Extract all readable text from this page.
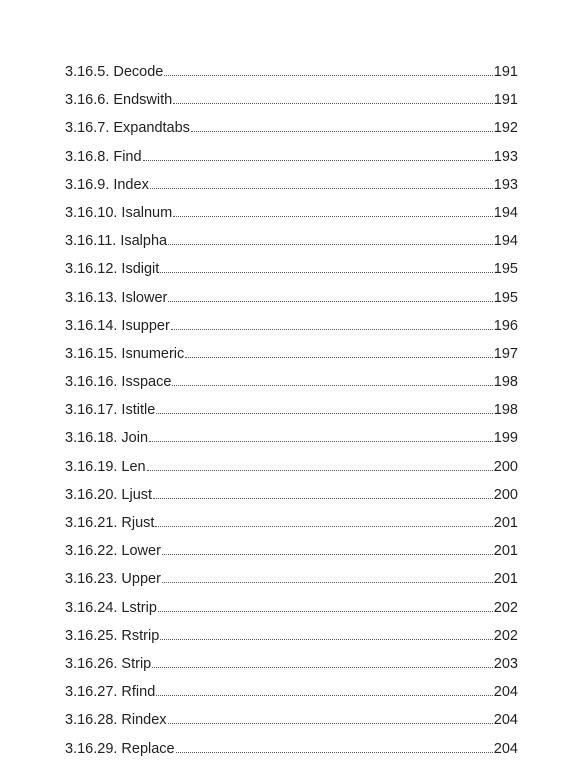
3.16.5. Decode	191
3.16.6. Endswith	191
3.16.7. Expandtabs	192
3.16.8. Find	193
3.16.9. Index	193
3.16.10. Isalnum	194
3.16.11. Isalpha	194
3.16.12. Isdigit	195
3.16.13. Islower	195
3.16.14. Isupper	196
3.16.15. Isnumeric	197
3.16.16. Isspace	198
3.16.17. Istitle	198
3.16.18. Join	199
3.16.19. Len	200
3.16.20. Ljust	200
3.16.21. Rjust	201
3.16.22. Lower	201
3.16.23. Upper	201
3.16.24. Lstrip	202
3.16.25. Rstrip	202
3.16.26. Strip	203
3.16.27. Rfind	204
3.16.28. Rindex	204
3.16.29. Replace	204
